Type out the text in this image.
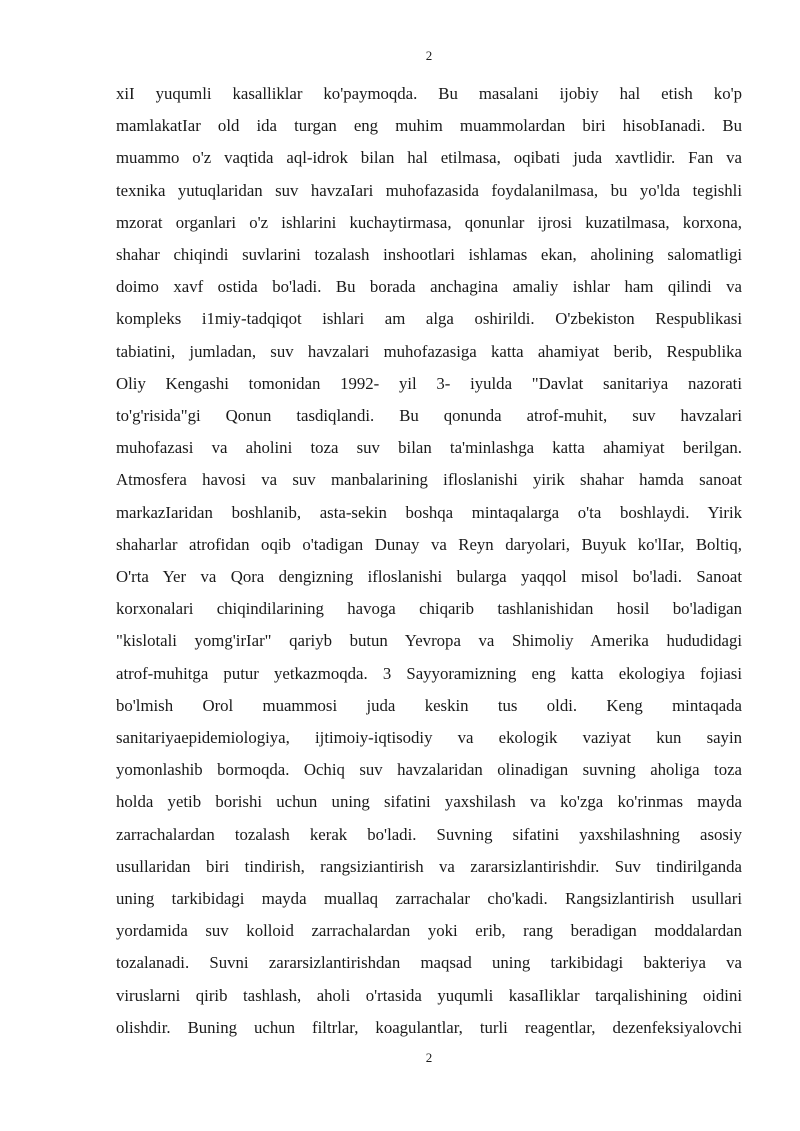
2
xiI yuqumli kasalliklar ko'paymoqda. Bu masalani ijobiy hal etish ko'p
mamlakatIar old ida turgan eng muhim muammolardan biri hisobIanadi. Bu
muammo o'z vaqtida aql-idrok bilan hal etilmasa, oqibati juda xavtlidir. Fan va
texnika yutuqlaridan suv havzaIari muhofazasida foydalanilmasa, bu yo'lda tegishli
mzorat organlari o'z ishlarini kuchaytirmasa, qonunlar ijrosi kuzatilmasa, korxona,
shahar chiqindi suvlarini tozalash inshootlari ishlamas ekan, aholining salomatligi
doimo xavf ostida bo'ladi. Bu borada anchagina amaliy ishlar ham qilindi va
kompleks i1miy-tadqiqot ishlari am alga oshirildi. O'zbekiston Respublikasi
tabiatini, jumladan, suv havzalari muhofazasiga katta ahamiyat berib, Respublika
Oliy Kengashi tomonidan 1992- yil 3- iyulda "Davlat sanitariya nazorati
to'g'risida"gi Qonun tasdiqlandi. Bu qonunda atrof-muhit, suv havzalari
muhofazasi va aholini toza suv bilan ta'minlashga katta ahamiyat berilgan.
Atmosfera havosi va suv manbalarining ifloslanishi yirik shahar hamda sanoat
markazIaridan boshlanib, asta-sekin boshqa mintaqalarga o'ta boshlaydi. Yirik
shaharlar atrofidan oqib o'tadigan Dunay va Reyn daryolari, Buyuk ko'lIar, Boltiq,
O'rta Yer va Qora dengizning ifloslanishi bularga yaqqol misol bo'ladi. Sanoat
korxonalari chiqindilarining havoga chiqarib tashlanishidan hosil bo'ladigan
"kislotali yomg'irIar" qariyb butun Yevropa va Shimoliy Amerika hududidagi
atrof-muhitga putur yetkazmoqda. 3 Sayyoramizning eng katta ekologiya fojiasi
bo'lmish Orol muammosi juda keskin tus oldi. Keng mintaqada
sanitariyaepidemiologiya, ijtimoiy-iqtisodiy va ekologik vaziyat kun sayin
yomonlashib bormoqda. Ochiq suv havzalaridan olinadigan suvning aholiga toza
holda yetib borishi uchun uning sifatini yaxshilash va ko'zga ko'rinmas mayda
zarrachalardan tozalash kerak bo'ladi. Suvning sifatini yaxshilashning asosiy
usullaridan biri tindirish, rangsiziantirish va zararsizlantirishdir. Suv tindirilganda
uning tarkibidagi mayda muallaq zarrachalar cho'kadi. Rangsizlantirish usullari
yordamida suv kolloid zarrachalardan yoki erib, rang beradigan moddalardan
tozalanadi. Suvni zararsizlantirishdan maqsad uning tarkibidagi bakteriya va
viruslarni qirib tashlash, aholi o'rtasida yuqumli kasaIliklar tarqalishining oidini
olishdir. Buning uchun filtrlar, koagulantlar, turli reagentlar, dezenfeksiyalovchi
2
